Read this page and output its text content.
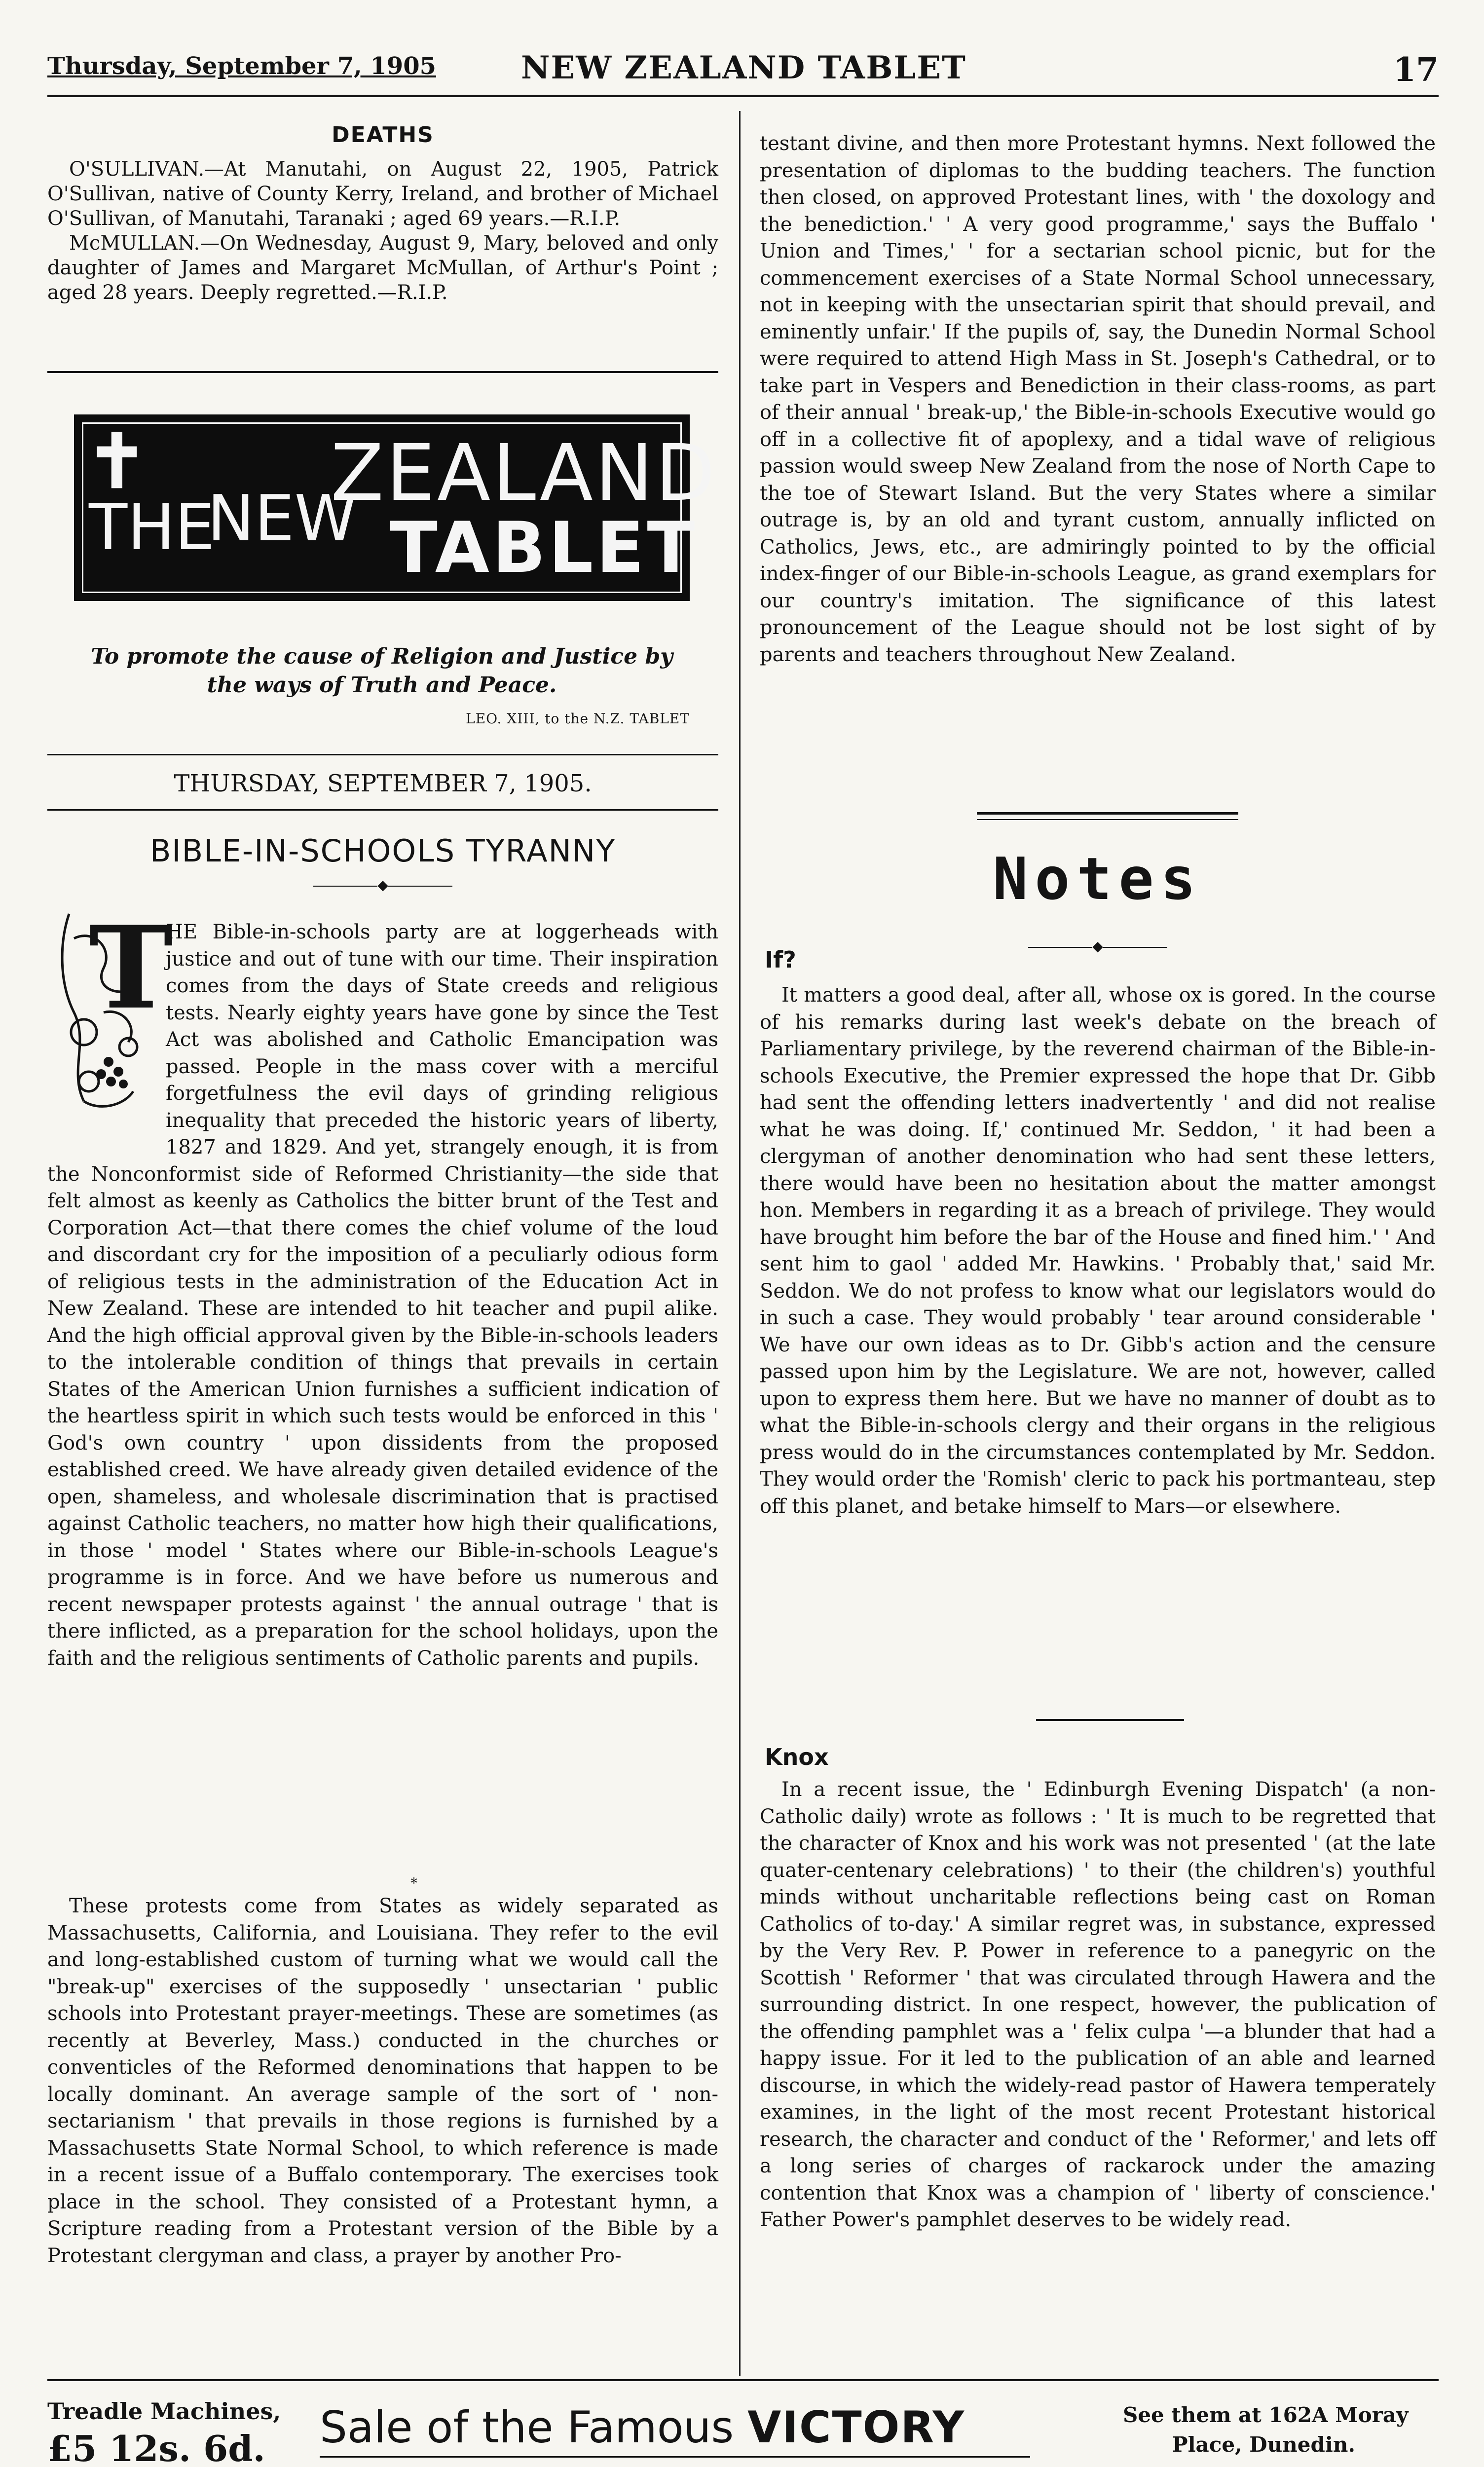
Thursday, September 7, 1905	NEW ZEALAND TABLET	17
DEATHS

O'SULLIVAN.—At Manutahi, on August 22, 1905, Patrick O'Sullivan, native of County Kerry, Ireland, and brother of Michael O'Sullivan, of Manutahi, Taranaki ; aged 69 years.—R.I.P.

McMULLAN.—On Wednesday, August 9, Mary, beloved and only daughter of James and Margaret McMullan, of Arthur's Point ; aged 28 years. Deeply regretted.—R.I.P.

✝
THE
NEW
ZEALAND
TABLET
To promote the cause of Religion and Justice by the ways of Truth and Peace.
LEO. XIII, to the N.Z. TABLET
THURSDAY, SEPTEMBER 7, 1905.
BIBLE-IN-SCHOOLS TYRANNY
◆
T

HE Bible-in-schools party are at loggerheads with justice and out of tune with our time. Their inspiration comes from the days of State creeds and religious tests. Nearly eighty years have gone by since the Test Act was abolished and Catholic Emancipation was passed. People in the mass cover with a merciful forgetfulness the evil days of grinding religious inequality that preceded the historic years of liberty, 1827 and 1829. And yet, strangely enough, it is from the Nonconformist side of Reformed Christianity—the side that felt almost as keenly as Catholics the bitter brunt of the Test and Corporation Act—that there comes the chief volume of the loud and discordant cry for the imposition of a peculiarly odious form of religious tests in the administration of the Education Act in New Zealand. These are intended to hit teacher and pupil alike. And the high official approval given by the Bible-in-schools leaders to the intolerable condition of things that prevails in certain States of the American Union furnishes a sufficient indication of the heartless spirit in which such tests would be enforced in this ' God's own country ' upon dissidents from the proposed established creed. We have already given detailed evidence of the open, shameless, and wholesale discrimination that is practised against Catholic teachers, no matter how high their qualifications, in those ' model ' States where our Bible-in-schools League's programme is in force. And we have before us numerous and recent newspaper protests against ' the annual outrage ' that is there inflicted, as a preparation for the school holidays, upon the faith and the religious sentiments of Catholic parents and pupils.

*

These protests come from States as widely separated as Massachusetts, California, and Louisiana. They refer to the evil and long-established custom of turning what we would call the "break-up" exercises of the supposedly ' unsectarian ' public schools into Protestant prayer-meetings. These are sometimes (as recently at Beverley, Mass.) conducted in the churches or conventicles of the Reformed denominations that happen to be locally dominant. An average sample of the sort of ' non-sectarianism ' that prevails in those regions is furnished by a Massachusetts State Normal School, to which reference is made in a recent issue of a Buffalo contemporary. The exercises took place in the school. They consisted of a Protestant hymn, a Scripture reading from a Protestant version of the Bible by a Protestant clergyman and class, a prayer by another Pro-

testant divine, and then more Protestant hymns. Next followed the presentation of diplomas to the budding teachers. The function then closed, on approved Protestant lines, with ' the doxology and the benediction.' ' A very good programme,' says the Buffalo ' Union and Times,' ' for a sectarian school picnic, but for the commencement exercises of a State Normal School unnecessary, not in keeping with the unsectarian spirit that should prevail, and eminently unfair.' If the pupils of, say, the Dunedin Normal School were required to attend High Mass in St. Joseph's Cathedral, or to take part in Vespers and Benediction in their class-rooms, as part of their annual ' break-up,' the Bible-in-schools Executive would go off in a collective fit of apoplexy, and a tidal wave of religious passion would sweep New Zealand from the nose of North Cape to the toe of Stewart Island. But the very States where a similar outrage is, by an old and tyrant custom, annually inflicted on Catholics, Jews, etc., are admiringly pointed to by the official index-finger of our Bible-in-schools League, as grand exemplars for our country's imitation. The significance of this latest pronouncement of the League should not be lost sight of by parents and teachers throughout New Zealand.

Notes
◆
If?

It matters a good deal, after all, whose ox is gored. In the course of his remarks during last week's debate on the breach of Parliamentary privilege, by the reverend chairman of the Bible-in-schools Executive, the Premier expressed the hope that Dr. Gibb had sent the offending letters inadvertently ' and did not realise what he was doing. If,' continued Mr. Seddon, ' it had been a clergyman of another denomination who had sent these letters, there would have been no hesitation about the matter amongst hon. Members in regarding it as a breach of privilege. They would have brought him before the bar of the House and fined him.' ' And sent him to gaol ' added Mr. Hawkins. ' Probably that,' said Mr. Seddon. We do not profess to know what our legislators would do in such a case. They would probably ' tear around considerable ' We have our own ideas as to Dr. Gibb's action and the censure passed upon him by the Legislature. We are not, however, called upon to express them here. But we have no manner of doubt as to what the Bible-in-schools clergy and their organs in the religious press would do in the circumstances contemplated by Mr. Seddon. They would order the 'Romish' cleric to pack his portmanteau, step off this planet, and betake himself to Mars—or elsewhere.

Knox

In a recent issue, the ' Edinburgh Evening Dispatch' (a non-Catholic daily) wrote as follows : ' It is much to be regretted that the character of Knox and his work was not presented ' (at the late quater-centenary celebrations) ' to their (the children's) youthful minds without uncharitable reflections being cast on Roman Catholics of to-day.' A similar regret was, in substance, expressed by the Very Rev. P. Power in reference to a panegyric on the Scottish ' Reformer ' that was circulated through Hawera and the surrounding district. In one respect, however, the publication of the offending pamphlet was a ' felix culpa '—a blunder that had a happy issue. For it led to the publication of an able and learned discourse, in which the widely-read pastor of Hawera temperately examines, in the light of the most recent Protestant historical research, the character and conduct of the ' Reformer,' and lets off a long series of charges of rackarock under the amazing contention that Knox was a champion of ' liberty of conscience.' Father Power's pamphlet deserves to be widely read.

Treadle Machines,
£5 12s. 6d. Sale of the Famous VICTORY	See them at 162A Moray
Place, Dunedin.
